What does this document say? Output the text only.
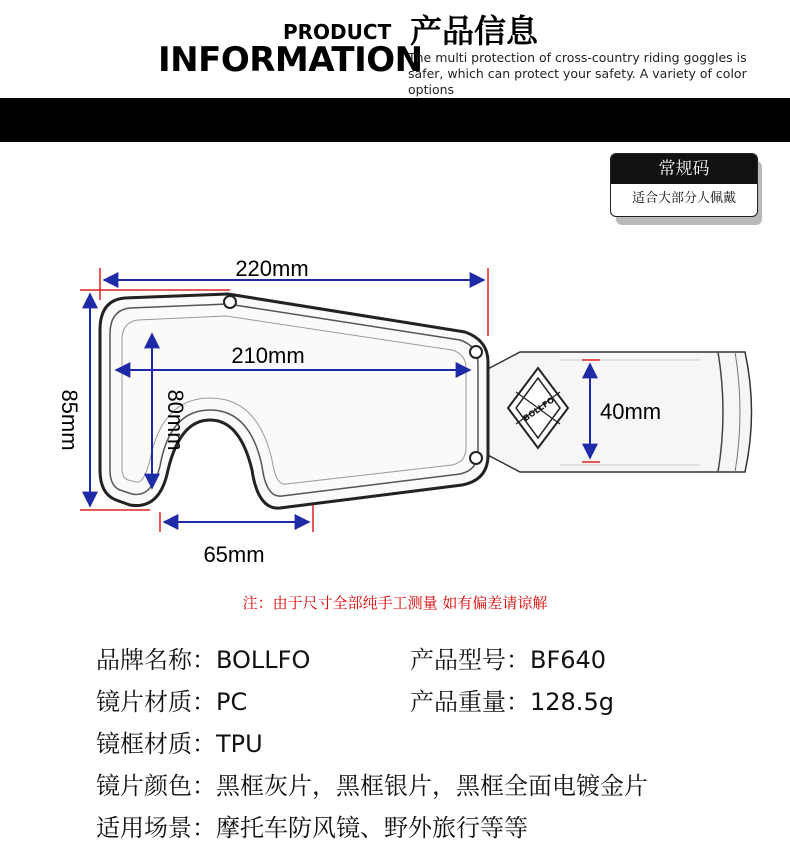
PRODUCT 产品信息
INFORMATION
The multi protection of cross-country riding goggles is safer, which can protect your safety. A variety of color options
常规码
适合大部分人佩戴
BOLLFO
220mm
210mm
85mm	80mm
65mm
40mm
注：由于尺寸全部纯手工测量 如有偏差请谅解
品牌名称：BOLLFO	产品型号：BF640
镜片材质：PC	产品重量：128.5g
镜框材质：TPU
镜片颜色：黑框灰片，黑框银片，黑框全面电镀金片
适用场景：摩托车防风镜、野外旅行等等
